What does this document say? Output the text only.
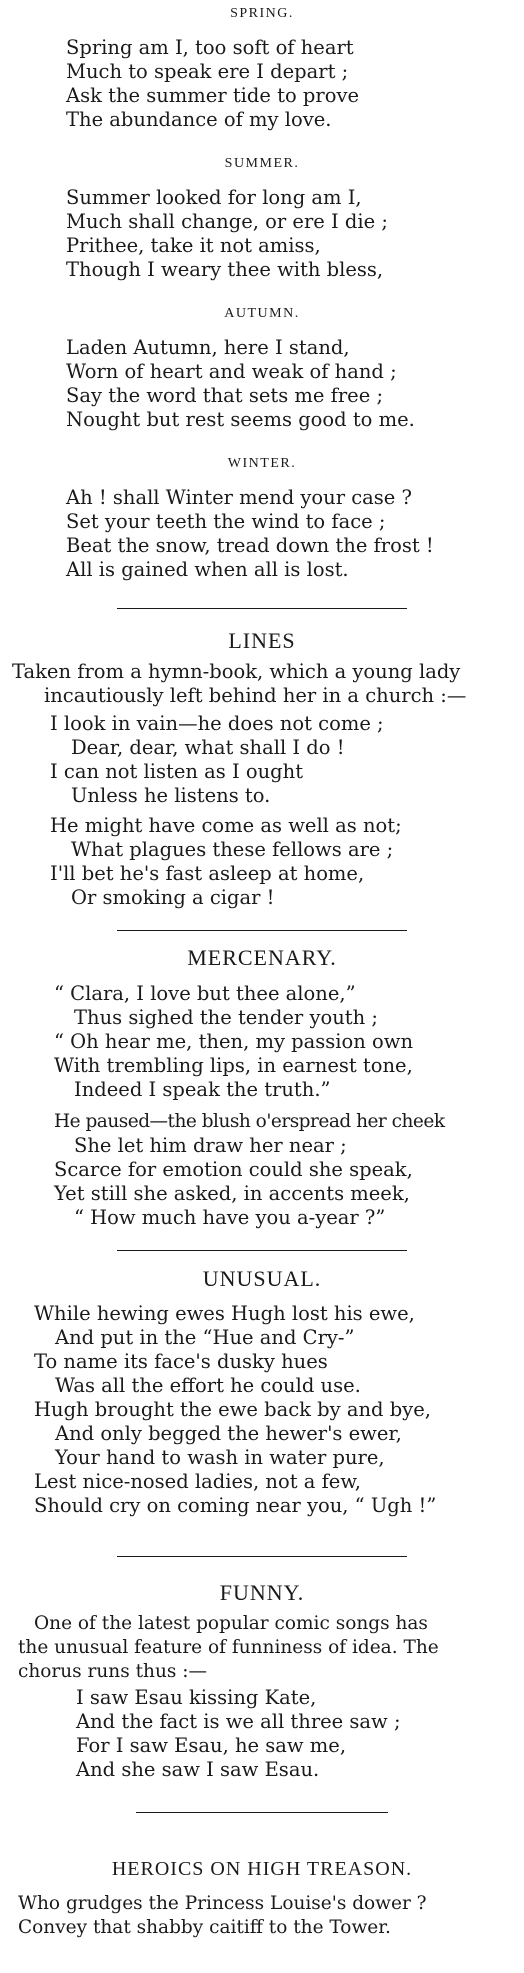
SPRING.
Spring am I, too soft of heart
Much to speak ere I depart ;
Ask the summer tide to prove
The abundance of my love.
SUMMER.
Summer looked for long am I,
Much shall change, or ere I die ;
Prithee, take it not amiss,
Though I weary thee with bless,
AUTUMN.
Laden Autumn, here I stand,
Worn of heart and weak of hand ;
Say the word that sets me free ;
Nought but rest seems good to me.
WINTER.
Ah ! shall Winter mend your case ?
Set your teeth the wind to face ;
Beat the snow, tread down the frost !
All is gained when all is lost.
LINES
Taken from a hymn-book, which a young lady
incautiously left behind her in a church :—
I look in vain—he does not come ;
Dear, dear, what shall I do !
I can not listen as I ought
Unless he listens to.
He might have come as well as not;
What plagues these fellows are ;
I'll bet he's fast asleep at home,
Or smoking a cigar !
MERCENARY.
“ Clara, I love but thee alone,”
Thus sighed the tender youth ;
“ Oh hear me, then, my passion own
With trembling lips, in earnest tone,
Indeed I speak the truth.”
He paused—the blush o'erspread her cheek
She let him draw her near ;
Scarce for emotion could she speak,
Yet still she asked, in accents meek,
“ How much have you a-year ?”
UNUSUAL.
While hewing ewes Hugh lost his ewe,
And put in the “Hue and Cry-”
To name its face's dusky hues
Was all the effort he could use.
Hugh brought the ewe back by and bye,
And only begged the hewer's ewer,
Your hand to wash in water pure,
Lest nice-nosed ladies, not a few,
Should cry on coming near you, “ Ugh !”
FUNNY.
One of the latest popular comic songs has
the unusual feature of funniness of idea. The
chorus runs thus :—
I saw Esau kissing Kate,
And the fact is we all three saw ;
For I saw Esau, he saw me,
And she saw I saw Esau.
HEROICS ON HIGH TREASON.
Who grudges the Princess Louise's dower ?
Convey that shabby caitiff to the Tower.
